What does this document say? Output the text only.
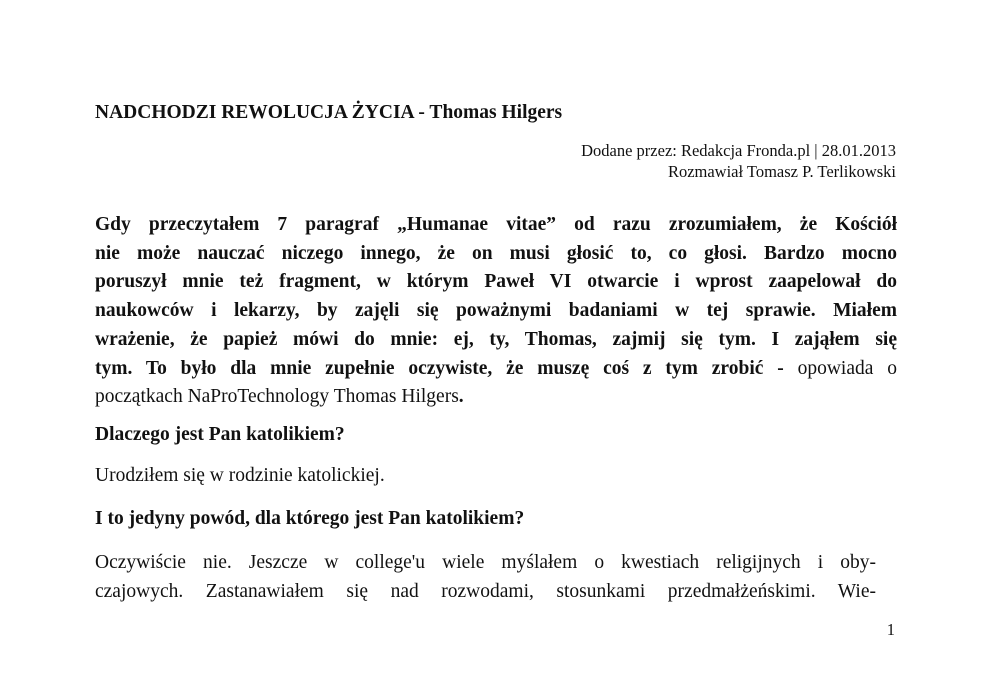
NADCHODZI REWOLUCJA ŻYCIA - Thomas Hilgers
Dodane przez: Redakcja Fronda.pl | 28.01.2013
Rozmawiał Tomasz P. Terlikowski
Gdy przeczytałem 7 paragraf „Humanae vitae” od razu zrozumiałem, że Kościół
nie może nauczać niczego innego, że on musi głosić to, co głosi. Bardzo mocno
poruszył mnie też fragment, w którym Paweł VI otwarcie i wprost zaapelował do
naukowców i lekarzy, by zajęli się poważnymi badaniami w tej sprawie. Miałem
wrażenie, że papież mówi do mnie: ej, ty, Thomas, zajmij się tym. I zająłem się
tym. To było dla mnie zupełnie oczywiste, że muszę coś z tym zrobić - opowiada o
początkach NaProTechnology Thomas Hilgers.
Dlaczego jest Pan katolikiem?
Urodziłem się w rodzinie katolickiej.
I to jedyny powód, dla którego jest Pan katolikiem?
Oczywiście nie. Jeszcze w college'u wiele myślałem o kwestiach religijnych i oby-
czajowych. Zastanawiałem się nad rozwodami, stosunkami przedmałżeńskimi. Wie-
1
